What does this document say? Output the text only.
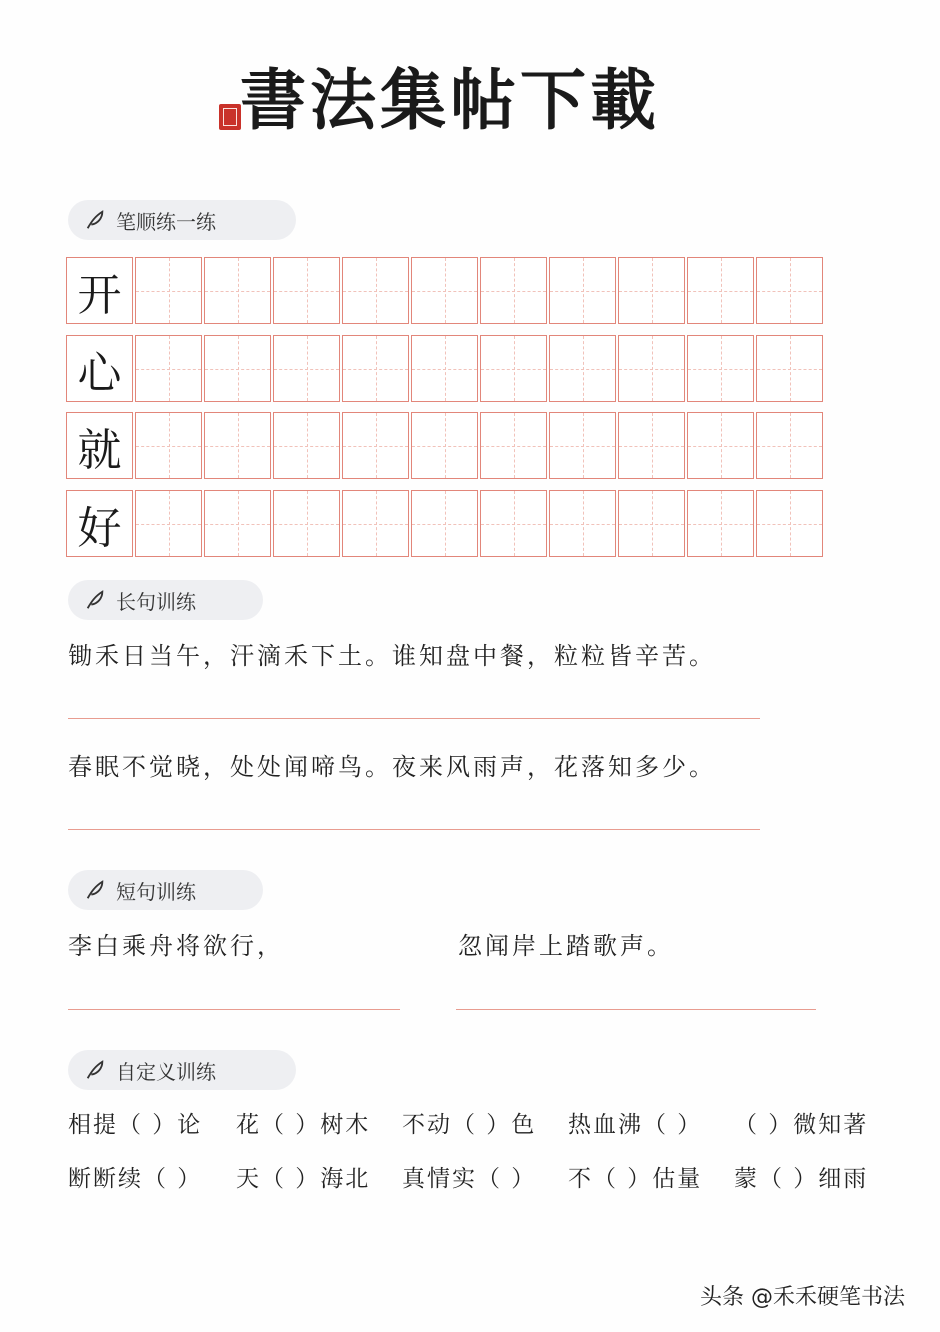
書法集帖下載
笔顺练一练
开
心
就
好
长句训练
锄禾日当午，汗滴禾下土。谁知盘中餐，粒粒皆辛苦。
春眠不觉晓，处处闻啼鸟。夜来风雨声，花落知多少。
短句训练
李白乘舟将欲行，	忽闻岸上踏歌声。
自定义训练
相提（ ）论 花（ ）树木 不动（ ）色 热血沸（ ） （ ）微知著
断断续（ ） 天（ ）海北 真情实（ ） 不（ ）估量 蒙（ ）细雨
头条 @禾禾硬笔书法
